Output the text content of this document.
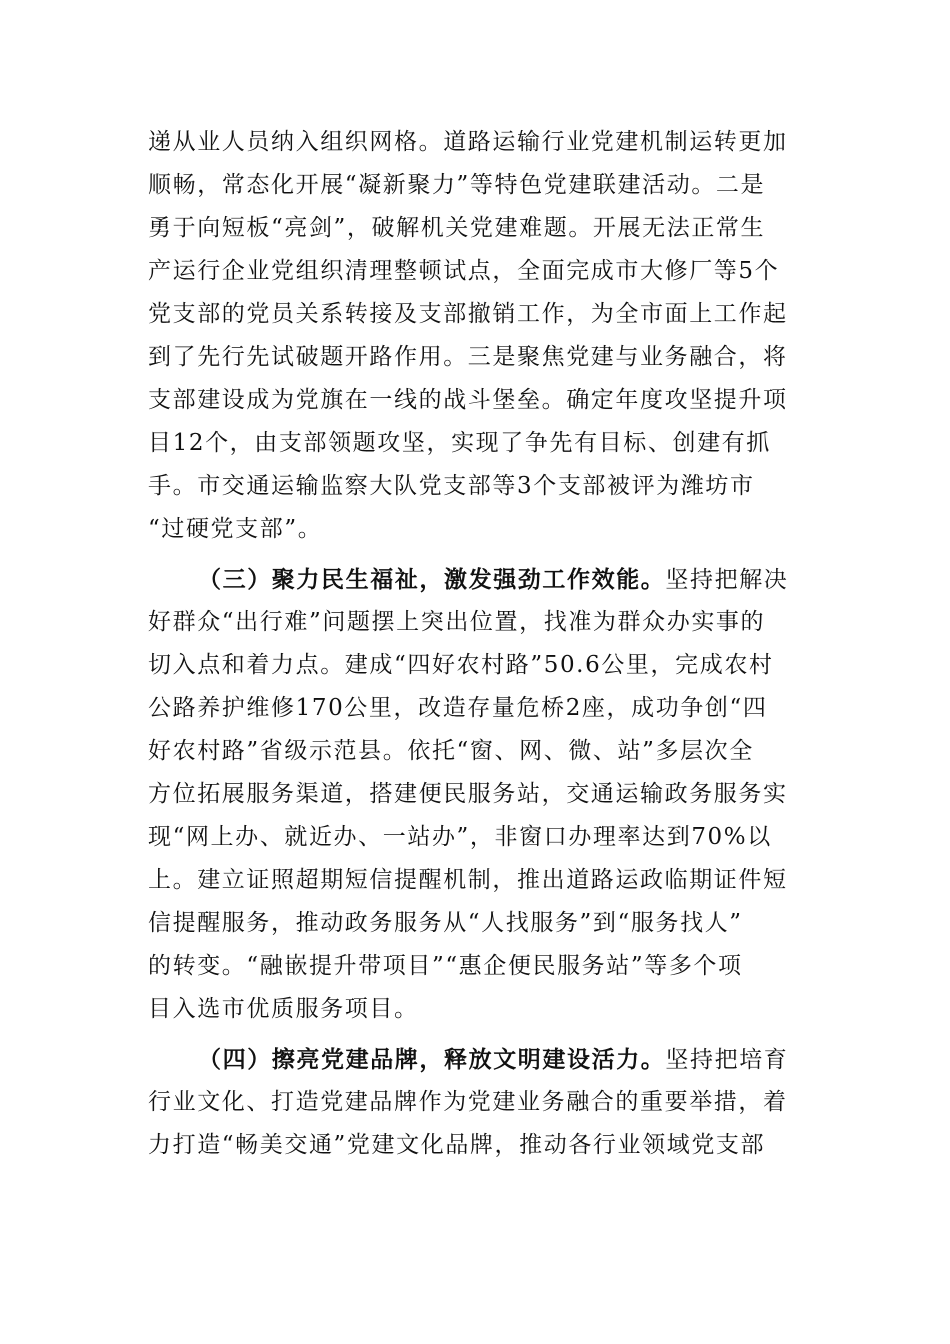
递从业人员纳入组织网格。道路运输行业党建机制运转更加
顺畅，常态化开展“凝新聚力”等特色党建联建活动。二是
勇于向短板“亮剑”，破解机关党建难题。开展无法正常生
产运行企业党组织清理整顿试点，全面完成市大修厂等5个
党支部的党员关系转接及支部撤销工作，为全市面上工作起
到了先行先试破题开路作用。三是聚焦党建与业务融合，将
支部建设成为党旗在一线的战斗堡垒。确定年度攻坚提升项
目12个，由支部领题攻坚，实现了争先有目标、创建有抓
手。市交通运输监察大队党支部等3个支部被评为潍坊市
“过硬党支部”。
（三）聚力民生福祉，激发强劲工作效能。坚持把解决
好群众“出行难”问题摆上突出位置，找准为群众办实事的
切入点和着力点。建成“四好农村路”50.6公里，完成农村
公路养护维修170公里，改造存量危桥2座，成功争创“四
好农村路”省级示范县。依托“窗、网、微、站”多层次全
方位拓展服务渠道，搭建便民服务站，交通运输政务服务实
现“网上办、就近办、一站办”，非窗口办理率达到70%以
上。建立证照超期短信提醒机制，推出道路运政临期证件短
信提醒服务，推动政务服务从“人找服务”到“服务找人”
的转变。“融嵌提升带项目”“惠企便民服务站”等多个项
目入选市优质服务项目。
（四）擦亮党建品牌，释放文明建设活力。坚持把培育
行业文化、打造党建品牌作为党建业务融合的重要举措，着
力打造“畅美交通”党建文化品牌，推动各行业领域党支部
